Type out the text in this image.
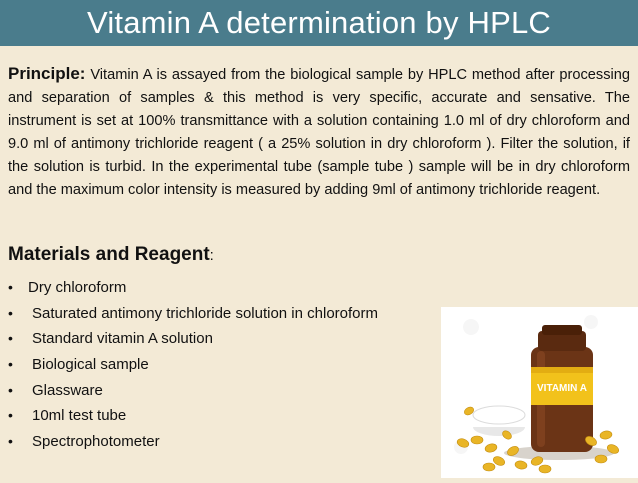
Vitamin A determination by HPLC
Principle: Vitamin A is assayed from the biological sample by HPLC method after processing and separation of samples & this method is very specific, accurate and sensative. The instrument is set at 100% transmittance with a solution containing 1.0 ml of dry chloroform and 9.0 ml of antimony trichloride reagent ( a 25% solution in dry chloroform ). Filter the solution, if the solution is turbid. In the experimental tube (sample tube ) sample will be in dry chloroform and the maximum color intensity is measured by adding 9ml of antimony trichloride reagent.
Materials and Reagent:
•	Dry chloroform
•	Saturated antimony trichloride solution in chloroform
•	Standard vitamin A solution
•	Biological sample
•	Glassware
•	10ml test tube
•	Spectrophotometer
VITAMIN A
